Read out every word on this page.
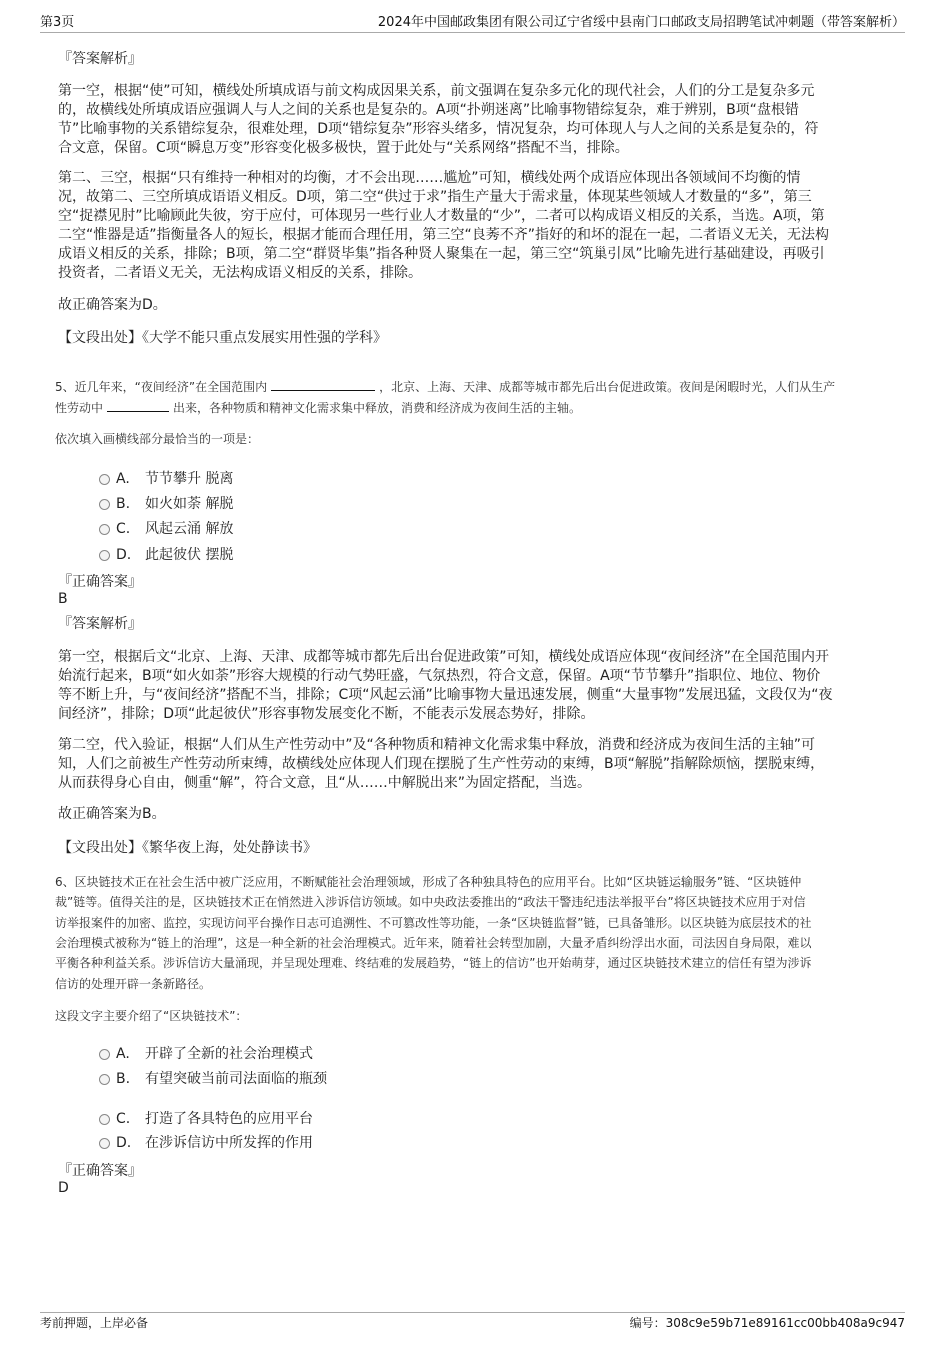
第3页	2024年中国邮政集团有限公司辽宁省绥中县南门口邮政支局招聘笔试冲刺题（带答案解析）
『答案解析』
第一空，根据“使”可知，横线处所填成语与前文构成因果关系，前文强调在复杂多元化的现代社会，人们的分工是复杂多元
的，故横线处所填成语应强调人与人之间的关系也是复杂的。A项“扑朔迷离”比喻事物错综复杂，难于辨别，B项“盘根错
节”比喻事物的关系错综复杂，很难处理，D项“错综复杂”形容头绪多，情况复杂，均可体现人与人之间的关系是复杂的，符
合文意，保留。C项“瞬息万变”形容变化极多极快，置于此处与“关系网络”搭配不当，排除。
第二、三空，根据“只有维持一种相对的均衡，才不会出现……尴尬”可知，横线处两个成语应体现出各领域间不均衡的情
况，故第二、三空所填成语语义相反。D项，第二空“供过于求”指生产量大于需求量，体现某些领域人才数量的“多”，第三
空“捉襟见肘”比喻顾此失彼，穷于应付，可体现另一些行业人才数量的“少”，二者可以构成语义相反的关系，当选。A项，第
二空“惟器是适”指衡量各人的短长，根据才能而合理任用，第三空“良莠不齐”指好的和坏的混在一起，二者语义无关，无法构
成语义相反的关系，排除；B项，第二空“群贤毕集”指各种贤人聚集在一起，第三空“筑巢引凤”比喻先进行基础建设，再吸引
投资者，二者语义无关，无法构成语义相反的关系，排除。
故正确答案为D。
【文段出处】《大学不能只重点发展实用性强的学科》
5、近几年来，“夜间经济”在全国范围内	，北京、上海、天津、成都等城市都先后出台促进政策。夜间是闲暇时光，人们从生产
性劳动中	出来，各种物质和精神文化需求集中释放，消费和经济成为夜间生活的主轴。
依次填入画横线部分最恰当的一项是：
A. 节节攀升 脱离
B. 如火如荼 解脱
C. 风起云涌 解放
D. 此起彼伏 摆脱
『正确答案』
B
『答案解析』
第一空，根据后文“北京、上海、天津、成都等城市都先后出台促进政策”可知，横线处成语应体现“夜间经济”在全国范围内开
始流行起来，B项“如火如荼”形容大规模的行动气势旺盛，气氛热烈，符合文意，保留。A项“节节攀升”指职位、地位、物价
等不断上升，与“夜间经济”搭配不当，排除；C项“风起云涌”比喻事物大量迅速发展，侧重“大量事物”发展迅猛，文段仅为“夜
间经济”，排除；D项“此起彼伏”形容事物发展变化不断，不能表示发展态势好，排除。
第二空，代入验证，根据“人们从生产性劳动中”及“各种物质和精神文化需求集中释放，消费和经济成为夜间生活的主轴”可
知，人们之前被生产性劳动所束缚，故横线处应体现人们现在摆脱了生产性劳动的束缚，B项“解脱”指解除烦恼，摆脱束缚，
从而获得身心自由，侧重“解”，符合文意，且“从……中解脱出来”为固定搭配，当选。
故正确答案为B。
【文段出处】《繁华夜上海，处处静读书》
6、区块链技术正在社会生活中被广泛应用，不断赋能社会治理领域，形成了各种独具特色的应用平台。比如“区块链运输服务”链、“区块链仲
裁”链等。值得关注的是，区块链技术正在悄然进入涉诉信访领域。如中央政法委推出的“政法干警违纪违法举报平台”将区块链技术应用于对信
访举报案件的加密、监控，实现访问平台操作日志可追溯性、不可篡改性等功能，一条“区块链监督”链，已具备雏形。以区块链为底层技术的社
会治理模式被称为“链上的治理”，这是一种全新的社会治理模式。近年来，随着社会转型加剧，大量矛盾纠纷浮出水面，司法因自身局限，难以
平衡各种利益关系。涉诉信访大量涌现，并呈现处理难、终结难的发展趋势，“链上的信访”也开始萌芽，通过区块链技术建立的信任有望为涉诉
信访的处理开辟一条新路径。
这段文字主要介绍了“区块链技术”：
A. 开辟了全新的社会治理模式
B. 有望突破当前司法面临的瓶颈
C. 打造了各具特色的应用平台
D. 在涉诉信访中所发挥的作用
『正确答案』
D
考前押题，上岸必备	编号：308c9e59b71e89161cc00bb408a9c947
